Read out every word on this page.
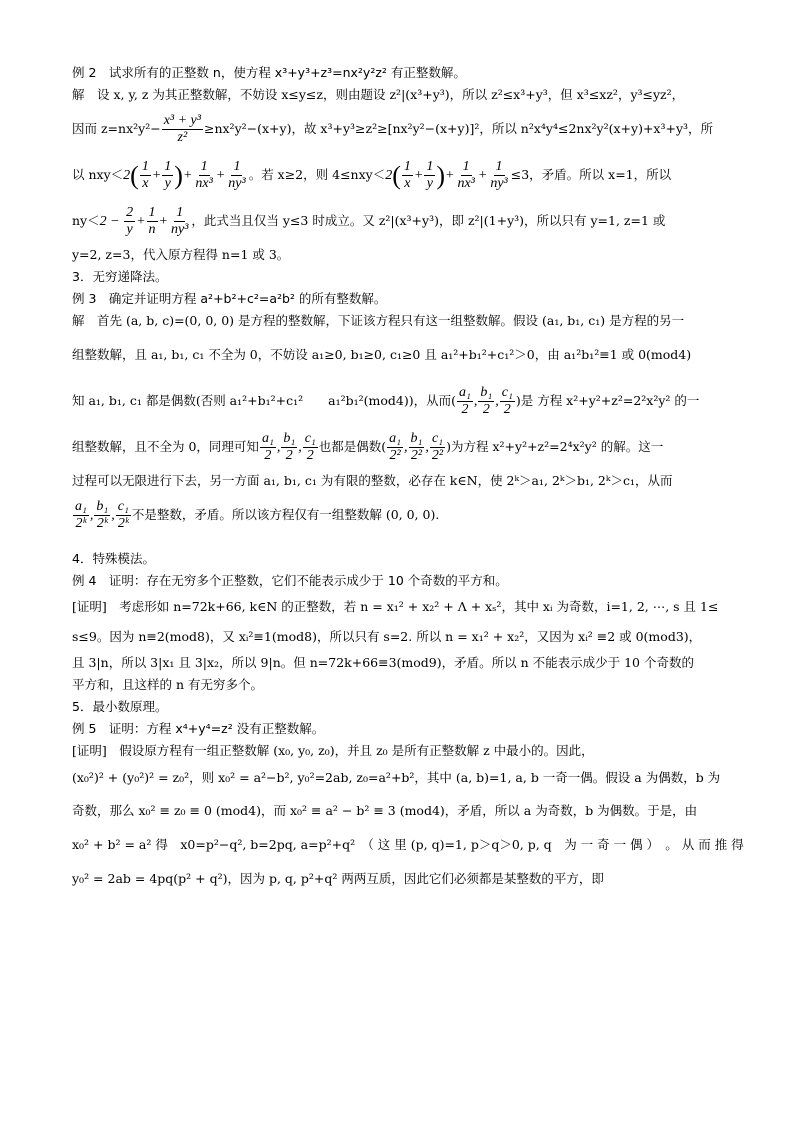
例 2　试求所有的正整数 n，使方程 x³+y³+z³=nx²y²z² 有正整数解。
解　设 x, y, z 为其正整数解，不妨设 x≤y≤z，则由题设 z²|(x³+y³)，所以 z²≤x³+y³，但 x³≤xz²，y³≤yz²，
因而 $z=nx^2y^2- \frac{\text{x³ + y³}}{\text{z²}} \ge nx^2y^2-(x+y)$，故 x³+y³≥z²≥[nx²y²−(x+y)]²，所以 n²x⁴y⁴≤2nx²y²(x+y)+x³+y³，所
以 $nxy<2( \frac{1}{x} + \frac{1}{y}$ )+ $\frac{1}{\text{nx³}} + \frac{1}{\text{ny³}}$ 。若 x≥2，则 $4\le nxy<2( \frac{1}{x} + \frac{1}{y}$ )+ $\frac{1}{\text{nx³}} + \frac{1}{\text{ny³}} \le 3$，矛盾。所以 x=1，所以
$ny<2 - \frac{2}{y} + \frac{1}{n} + \frac{1}{\text{ny³}}$ ，此式当且仅当 y≤3 时成立。又 z²|(x³+y³)，即 z²|(1+y³)，所以只有 y=1, z=1 或
y=2, z=3，代入原方程得 n=1 或 3。
3．无穷递降法。
例 3　确定并证明方程 a²+b²+c²=a²b² 的所有整数解。
解　首先 (a, b, c)=(0, 0, 0) 是方程的整数解，下证该方程只有这一组整数解。假设 (a₁, b₁, c₁) 是方程的另一
组整数解，且 a₁, b₁, c₁ 不全为 0，不妨设 a₁≥0, b₁≥0, c₁≥0 且 a₁²+b₁²+c₁²＞0，由 a₁²b₁²≡1 或 0(mod4)
知 a₁, b₁, c₁ 都是偶数(否则 a₁²+b₁²+c₁²　　a₁²b₁²(mod4))，从而( $\frac{\text{a₁}}{2}$ , $\frac{\text{b₁}}{2}$ , $\frac{\text{c₁}}{2}$ )是 方程 x²+y²+z²=2²x²y² 的一
组整数解，且不全为 0，同理可知 $\frac{\text{a₁}}{2}$ , $\frac{\text{b₁}}{2}$ , $\frac{\text{c₁}}{2}$ 也都是偶数( $\frac{\text{a₁}}{\text{2²}}$ , $\frac{\text{b₁}}{\text{2²}}$ , $\frac{\text{c₁}}{\text{2²}}$ )为方程 x²+y²+z²=2⁴x²y² 的解。这一
过程可以无限进行下去，另一方面 a₁, b₁, c₁ 为有限的整数，必存在 k∈N，使 2ᵏ＞a₁, 2ᵏ＞b₁, 2ᵏ＞c₁，从而
$\frac{\text{a₁}}{\text{2ᵏ}}$ , $\frac{\text{b₁}}{\text{2ᵏ}}$ , $\frac{\text{c₁}}{\text{2ᵏ}}$ 不是整数，矛盾。所以该方程仅有一组整数解 (0, 0, 0).
4．特殊模法。
例 4　证明：存在无穷多个正整数，它们不能表示成少于 10 个奇数的平方和。
[证明]　考虑形如 n=72k+66, k∈N 的正整数，若 n = x₁² + x₂² + Λ + xₛ²，其中 xᵢ 为奇数，i=1, 2, ⋯, s 且 1≤
s≤9。因为 n≡2(mod8)，又 xᵢ²≡1(mod8)，所以只有 s=2. 所以 n = x₁² + x₂²，又因为 xᵢ² ≡2 或 0(mod3)，
且 3|n，所以 3|x₁ 且 3|x₂，所以 9|n。但 n=72k+66≡3(mod9)，矛盾。所以 n 不能表示成少于 10 个奇数的
平方和，且这样的 n 有无穷多个。
5．最小数原理。
例 5　证明：方程 x⁴+y⁴=z² 没有正整数解。
[证明]　假设原方程有一组正整数解 (x₀, y₀, z₀)，并且 z₀ 是所有正整数解 z 中最小的。因此，
(x₀²)² + (y₀²)² = z₀²，则 x₀² = a²−b², y₀²=2ab, z₀=a²+b²，其中 (a, b)=1, a, b 一奇一偶。假设 a 为偶数，b 为
奇数，那么 x₀² ≡ z₀ ≡ 0 (mod4)，而 x₀² ≡ a² − b² ≡ 3 (mod4)，矛盾，所以 a 为奇数，b 为偶数。于是，由
x₀² + b² = a² 得　x0=p²−q², b=2pq, a=p²+q²　（ 这 里 (p, q)=1, p＞q＞0, p, q　为 一 奇 一 偶 ）　。 从 而 推 得
y₀² = 2ab = 4pq(p² + q²)，因为 p, q, p²+q² 两两互质，因此它们必须都是某整数的平方，即
